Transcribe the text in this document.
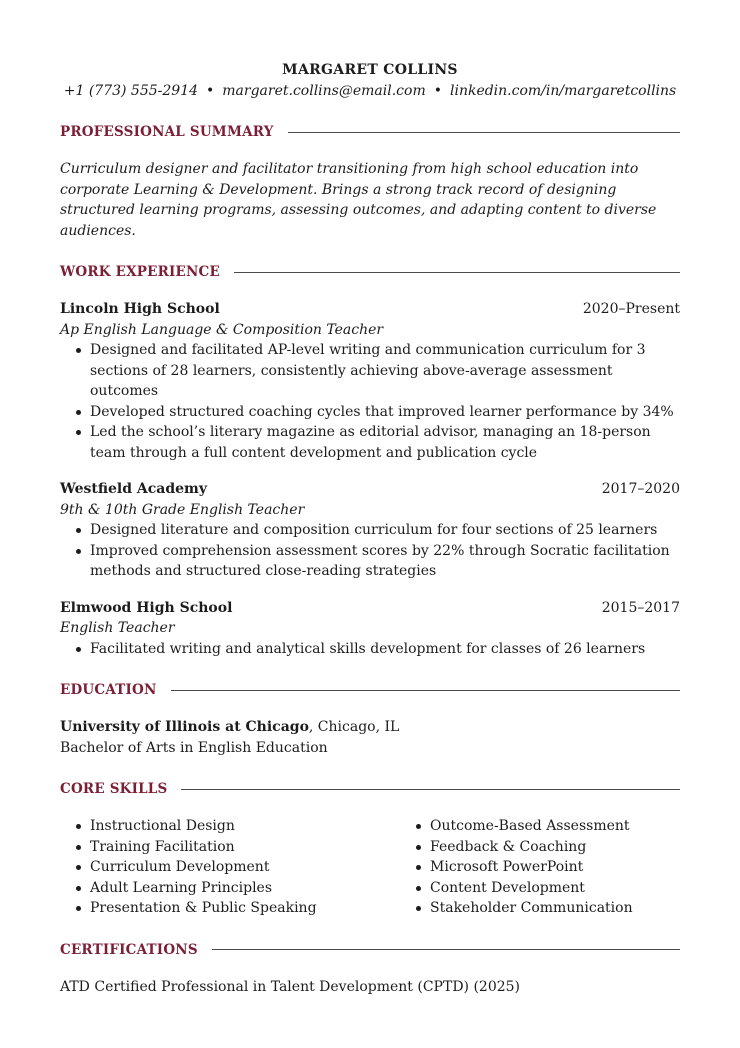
MARGARET COLLINS
+1 (773) 555-2914 • margaret.collins@email.com • linkedin.com/in/margaretcollins
PROFESSIONAL SUMMARY
Curriculum designer and facilitator transitioning from high school education into corporate Learning & Development. Brings a strong track record of designing structured learning programs, assessing outcomes, and adapting content to diverse audiences.
WORK EXPERIENCE
Lincoln High School	2020–Present
Ap English Language & Composition Teacher
Designed and facilitated AP-level writing and communication curriculum for 3 sections of 28 learners, consistently achieving above-average assessment outcomes
Developed structured coaching cycles that improved learner performance by 34%
Led the school’s literary magazine as editorial advisor, managing an 18-person team through a full content development and publication cycle
Westfield Academy	2017–2020
9th & 10th Grade English Teacher
Designed literature and composition curriculum for four sections of 25 learners
Improved comprehension assessment scores by 22% through Socratic facilitation methods and structured close-reading strategies
Elmwood High School	2015–2017
English Teacher
Facilitated writing and analytical skills development for classes of 26 learners
EDUCATION
University of Illinois at Chicago, Chicago, IL
Bachelor of Arts in English Education
CORE SKILLS
Instructional Design
Training Facilitation
Curriculum Development
Adult Learning Principles
Presentation & Public Speaking
Outcome-Based Assessment
Feedback & Coaching
Microsoft PowerPoint
Content Development
Stakeholder Communication
CERTIFICATIONS
ATD Certified Professional in Talent Development (CPTD) (2025)
